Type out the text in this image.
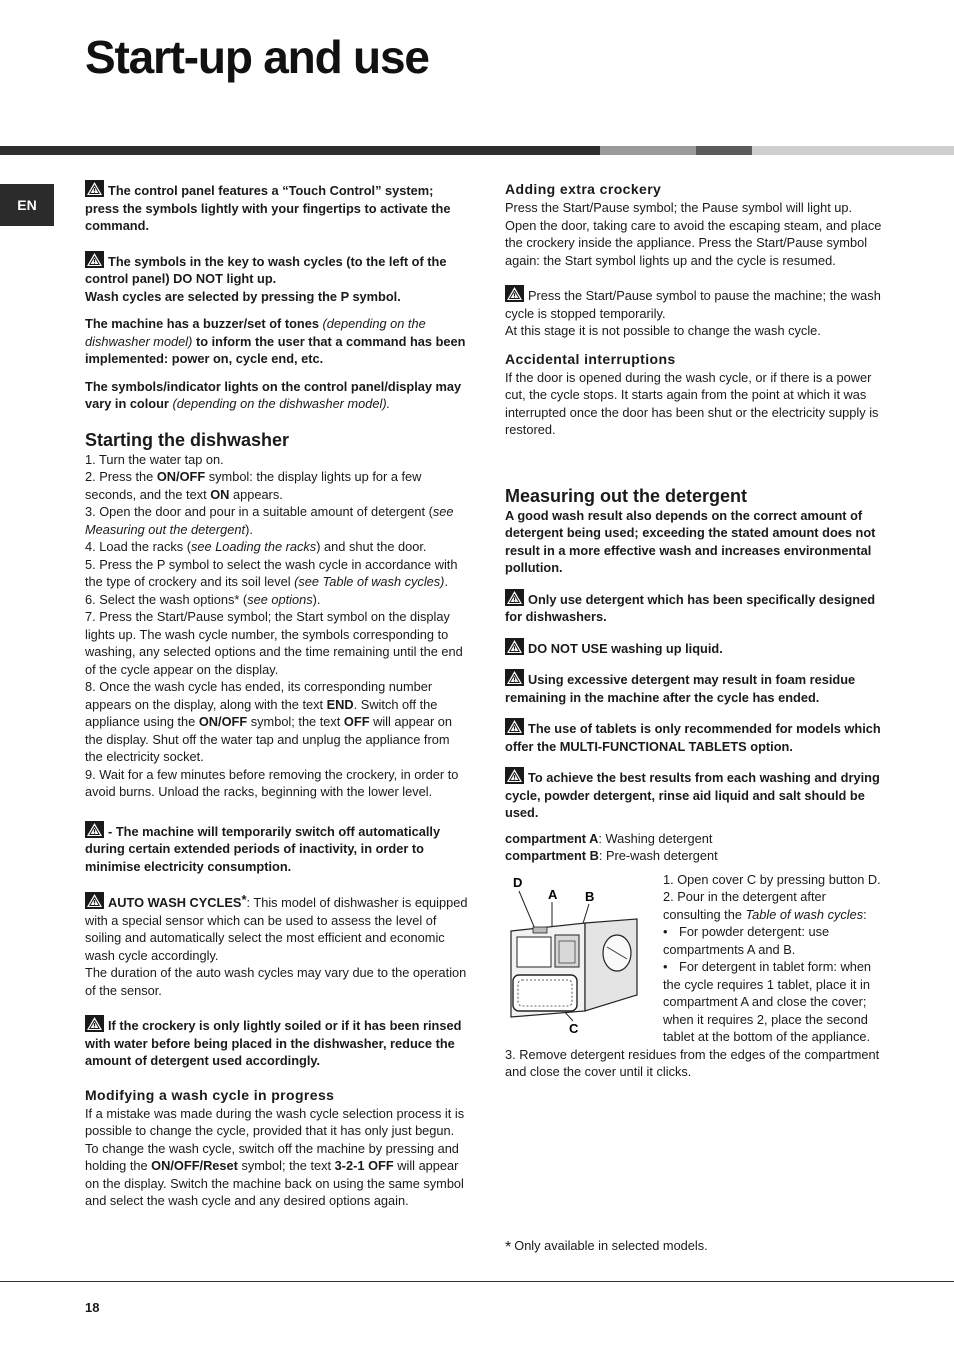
Start-up and use
EN

The control panel features a “Touch Control” system; press the symbols lightly with your fingertips to activate the command.

The symbols in the key to wash cycles (to the left of the control panel) DO NOT light up.

Wash cycles are selected by pressing the P symbol.

The machine has a buzzer/set of tones (depending on the dishwasher model) to inform the user that a command has been implemented: power on, cycle end, etc.

The symbols/indicator lights on the control panel/display may vary in colour (depending on the dishwasher model).

Starting the dishwasher

1. Turn the water tap on.

2. Press the ON/OFF symbol: the display lights up for a few seconds, and the text ON appears.

3. Open the door and pour in a suitable amount of detergent (see Measuring out the detergent).

4. Load the racks (see Loading the racks) and shut the door.

5. Press the P symbol to select the wash cycle in accordance with the type of crockery and its soil level (see Table of wash cycles).

6. Select the wash options* (see options).

7. Press the Start/Pause symbol; the Start symbol on the display lights up. The wash cycle number, the symbols corresponding to washing, any selected options and the time remaining until the end of the cycle appear on the display.

8. Once the wash cycle has ended, its corresponding number appears on the display, along with the text END. Switch off the appliance using the ON/OFF symbol; the text OFF will appear on the display. Shut off the water tap and unplug the appliance from the electricity socket.

9. Wait for a few minutes before removing the crockery, in order to avoid burns. Unload the racks, beginning with the lower level.

- The machine will temporarily switch off automatically during certain extended periods of inactivity, in order to minimise electricity consumption.

AUTO WASH CYCLES*: This model of dishwasher is equipped with a special sensor which can be used to assess the level of soiling and automatically select the most efficient and economic wash cycle accordingly.

The duration of the auto wash cycles may vary due to the operation of the sensor.

If the crockery is only lightly soiled or if it has been rinsed with water before being placed in the dishwasher, reduce the amount of detergent used accordingly.

Modifying a wash cycle in progress

If a mistake was made during the wash cycle selection process it is possible to change the cycle, provided that it has only just begun. To change the wash cycle, switch off the machine by pressing and holding the ON/OFF/Reset symbol; the text 3-2-1 OFF will appear on the display. Switch the machine back on using the same symbol and select the wash cycle and any desired options again.

Adding extra crockery

Press the Start/Pause symbol; the Pause symbol will light up. Open the door, taking care to avoid the escaping steam, and place the crockery inside the appliance. Press the Start/Pause symbol again: the Start symbol lights up and the cycle is resumed.

Press the Start/Pause symbol to pause the machine; the wash cycle is stopped temporarily.

At this stage it is not possible to change the wash cycle.

Accidental interruptions

If the door is opened during the wash cycle, or if there is a power cut, the cycle stops. It starts again from the point at which it was interrupted once the door has been shut or the electricity supply is restored.

Measuring out the detergent

A good wash result also depends on the correct amount of detergent being used; exceeding the stated amount does not result in a more effective wash and increases environmental pollution.

Only use detergent which has been specifically designed for dishwashers.

DO NOT USE washing up liquid.

Using excessive detergent may result in foam residue remaining in the machine after the cycle has ended.

The use of tablets is only recommended for models which offer the MULTI-FUNCTIONAL TABLETS option.

To achieve the best results from each washing and drying cycle, powder detergent, rinse aid liquid and salt should be used.

compartment A: Washing detergent

compartment B: Pre-wash detergent

D
A B
C

1. Open cover C by pressing button D.

2. Pour in the detergent after consulting the Table of wash cycles:

• For powder detergent: use compartments A and B.

• For detergent in tablet form: when the cycle requires 1 tablet, place it in compartment A and close the cover; when it requires 2, place the second tablet at the bottom of the appliance.

3. Remove detergent residues from the edges of the compartment and close the cover until it clicks.

* Only available in selected models.
18
